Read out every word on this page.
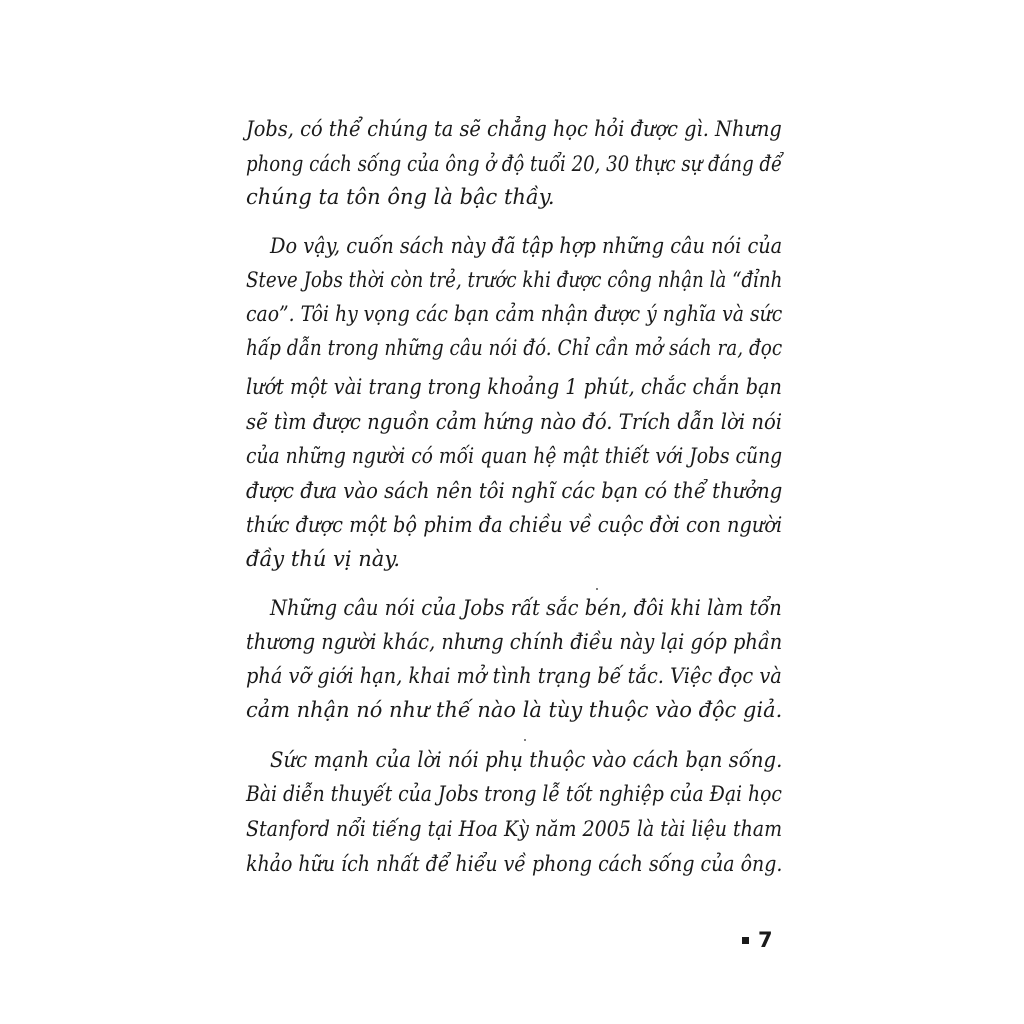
Jobs, có thể chúng ta sẽ chẳng học hỏi được gì. Nhưng
phong cách sống của ông ở độ tuổi 20, 30 thực sự đáng để
chúng ta tôn ông là bậc thầy.
Do vậy, cuốn sách này đã tập hợp những câu nói của
Steve Jobs thời còn trẻ, trước khi được công nhận là “đỉnh
cao”. Tôi hy vọng các bạn cảm nhận được ý nghĩa và sức
hấp dẫn trong những câu nói đó. Chỉ cần mở sách ra, đọc
lướt một vài trang trong khoảng 1 phút, chắc chắn bạn
sẽ tìm được nguồn cảm hứng nào đó. Trích dẫn lời nói
của những người có mối quan hệ mật thiết với Jobs cũng
được đưa vào sách nên tôi nghĩ các bạn có thể thưởng
thức được một bộ phim đa chiều về cuộc đời con người
đầy thú vị này.
Những câu nói của Jobs rất sắc bén, đôi khi làm tổn
thương người khác, nhưng chính điều này lại góp phần
phá vỡ giới hạn, khai mở tình trạng bế tắc. Việc đọc và
cảm nhận nó như thế nào là tùy thuộc vào độc giả.
Sức mạnh của lời nói phụ thuộc vào cách bạn sống.
Bài diễn thuyết của Jobs trong lễ tốt nghiệp của Đại học
Stanford nổi tiếng tại Hoa Kỳ năm 2005 là tài liệu tham
khảo hữu ích nhất để hiểu về phong cách sống của ông.
7
